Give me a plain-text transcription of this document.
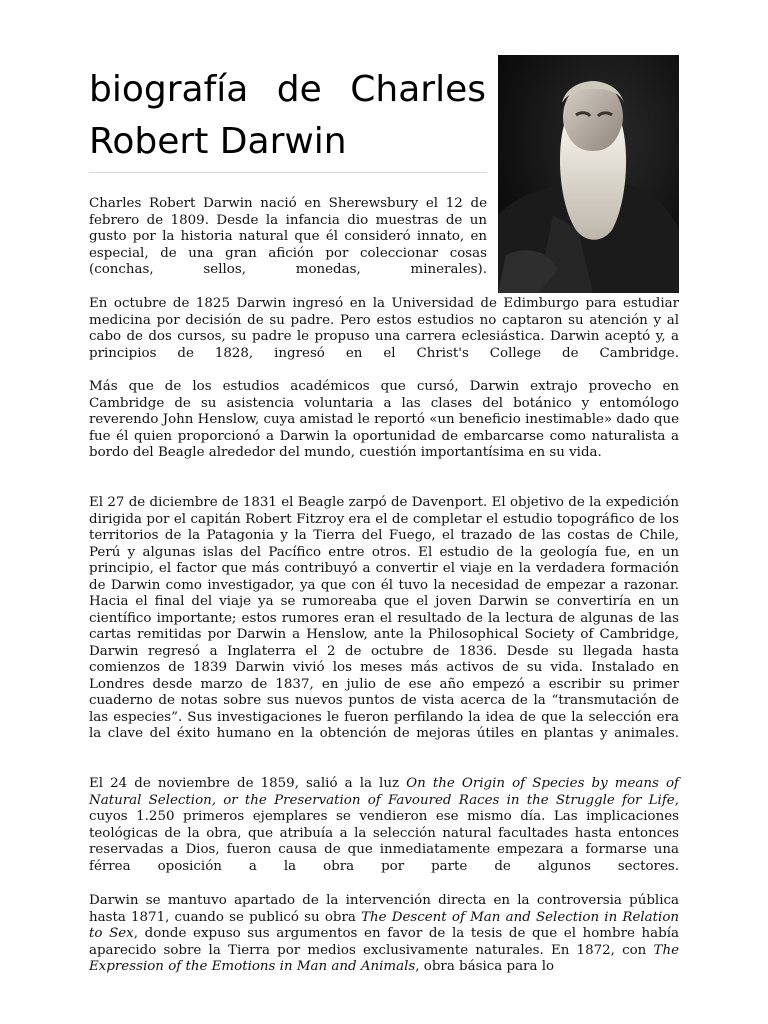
biografía de Charles Robert Darwin

Charles Robert Darwin nació en Sherewsbury el 12 de febrero de 1809. Desde la infancia dio muestras de un gusto por la historia natural que él consideró innato, en especial, de una gran afición por coleccionar cosas (conchas, sellos, monedas, minerales).

En octubre de 1825 Darwin ingresó en la Universidad de Edimburgo para estudiar medicina por decisión de su padre. Pero estos estudios no captaron su atención y al cabo de dos cursos, su padre le propuso una carrera eclesiástica. Darwin aceptó y, a principios de 1828, ingresó en el Christ's College de Cambridge.

Más que de los estudios académicos que cursó, Darwin extrajo provecho en Cambridge de su asistencia voluntaria a las clases del botánico y entomólogo reverendo John Henslow, cuya amistad le reportó «un beneficio inestimable» dado que fue él quien proporcionó a Darwin la oportunidad de embarcarse como naturalista a bordo del Beagle alrededor del mundo, cuestión importantísima en su vida.

El 27 de diciembre de 1831 el Beagle zarpó de Davenport. El objetivo de la expedición dirigida por el capitán Robert Fitzroy era el de completar el estudio topográfico de los territorios de la Patagonia y la Tierra del Fuego, el trazado de las costas de Chile, Perú y algunas islas del Pacífico entre otros. El estudio de la geología fue, en un principio, el factor que más contribuyó a convertir el viaje en la verdadera formación de Darwin como investigador, ya que con él tuvo la necesidad de empezar a razonar. Hacia el final del viaje ya se rumoreaba que el joven Darwin se convertiría en un científico importante; estos rumores eran el resultado de la lectura de algunas de las cartas remitidas por Darwin a Henslow, ante la Philosophical Society of Cambridge, Darwin regresó a Inglaterra el 2 de octubre de 1836. Desde su llegada hasta comienzos de 1839 Darwin vivió los meses más activos de su vida. Instalado en Londres desde marzo de 1837, en julio de ese año empezó a escribir su primer cuaderno de notas sobre sus nuevos puntos de vista acerca de la “transmutación de las especies”. Sus investigaciones le fueron perfilando la idea de que la selección era la clave del éxito humano en la obtención de mejoras útiles en plantas y animales.

El 24 de noviembre de 1859, salió a la luz On the Origin of Species by means of Natural Selection, or the Preservation of Favoured Races in the Struggle for Life, cuyos 1.250 primeros ejemplares se vendieron ese mismo día. Las implicaciones teológicas de la obra, que atribuía a la selección natural facultades hasta entonces reservadas a Dios, fueron causa de que inmediatamente empezara a formarse una férrea oposición a la obra por parte de algunos sectores.

Darwin se mantuvo apartado de la intervención directa en la controversia pública hasta 1871, cuando se publicó su obra The Descent of Man and Selection in Relation to Sex, donde expuso sus argumentos en favor de la tesis de que el hombre había aparecido sobre la Tierra por medios exclusivamente naturales. En 1872, con The Expression of the Emotions in Man and Animals, obra básica para lo
